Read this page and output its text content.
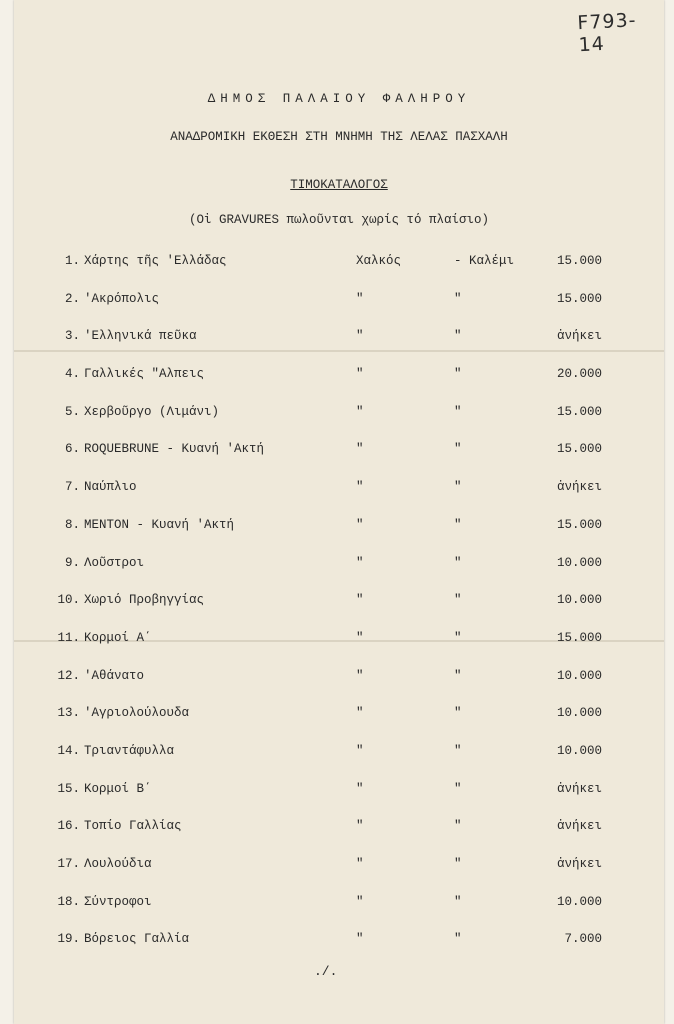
F793- 14
ΔΗΜΟΣ ΠΑΛΑΙΟΥ ΦΑΛΗΡΟΥ
ΑΝΑΔΡΟΜΙΚΗ ΕΚΘΕΣΗ ΣΤΗ ΜΝΗΜΗ ΤΗΣ ΛΕΛΑΣ ΠΑΣΧΑΛΗ
ΤΙΜΟΚΑΤΑΛΟΓΟΣ
(Οἱ GRAVURES πωλοῦνται χωρίς τό πλαίσιο)
1. Χάρτης τῆς 'Ελλάδας	Χαλκός	- Καλέμι	15.000
2. 'Ακρόπολις	"	"	15.000
3. 'Ελληνικά πεῦκα	"	"	ἀνήκει
4. Γαλλικές "Αλπεις	"	"	20.000
5. Χερβοῦργο (Λιμάνι)	"	"	15.000
6. ROQUEBRUNE - Κυανή 'Ακτή	"	"	15.000
7. Ναύπλιο	"	"	ἀνήκει
8. MENTON - Κυανή 'Ακτή	"	"	15.000
9. Λοῦστροι	"	"	10.000
10. Χωριό Προβηγγίας	"	"	10.000
11. Κορμοί Α΄	"	"	15.000
12. 'Αθάνατο	"	"	10.000
13. 'Αγριολούλουδα	"	"	10.000
14. Τριαντάφυλλα	"	"	10.000
15. Κορμοί Β΄	"	"	ἀνήκει
16. Τοπίο Γαλλίας	"	"	ἀνήκει
17. Λουλούδια	"	"	ἀνήκει
18. Σύντροφοι	"	"	10.000
19. Βόρειος Γαλλία	"	"	7.000
./.
